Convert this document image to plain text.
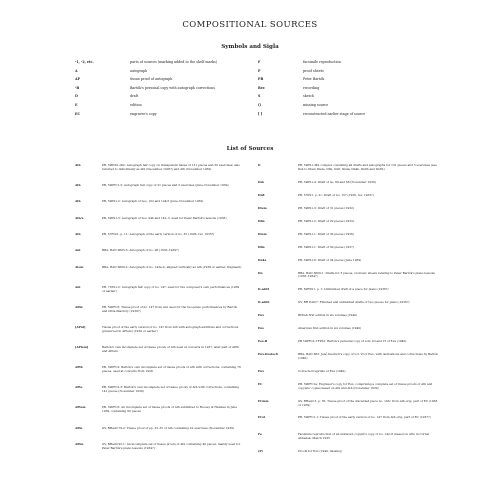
COMPOSITIONAL SOURCES
Symbols and Sigla
-1, -2, etc.	parts of sources (marking added to the shelf marks)
A	autograph
AP	tissue proof of autograph
-B	Bartók's personal copy with autograph corrections
D	draft
E	edition
EC	engraver's copy
F	facsimile reproduction
P	proof sheets
PB	Peter Bartók
Rec	recording
S	sketch
()	missing source
[ ]	reconstructed earlier stage of source
List of Sources
Ath	PB, 59PID1-ID2: Autograph fair copy on transparent tissue of 131 pieces and 30 exercises; also referred to individually as Ath (December 1926?) and Ath (November 1939)
Ath	PB, 59PFC1-3: Autograph fair copy of 21 pieces and 3 exercises (June–November 1939)
Ath	PB, 59PS1-2: Autograph of nos. 102 and 124/3 (June–November 1939)
Ath/a	PB, 59PS1-3: Autograph of nos. 94b and 142–3, used for Peter Bartók's lessons (1933)
Ath	PB, 57FID1, p. 1f.: Autograph of the early version of no. 81 (1926, rev. 1933?)
Ant	BBA, BAN 6605-3: Autograph of no. 98 (1935–1939?)
Atom	BBA, BAN 6609-2: Autograph of no. 143a–b, aligned vertically as Ath (1939 or earlier, fragment)
Ant	PB, 71PS1-2: Autograph fair copy of no. 147, used for the composer's own performances (1939 or earlier)
APnt	PB, 59PFC3: Tissue proof of no. 147 from Ant used for the two-piano performances by Bartók and Ditta Pásztory (1939?)
[APnt]	Tissue proof of the early version of no. 147 from Ath with autograph additions and corrections (preserved in APtem) (1939 or earlier)
[APtem]	Bartók's own incomplete set of tissue proofs of Ath used at concerts in 1937, later part of APtb and APtem
APtb	PB, 59PFC2: Bartók's own incomplete set of tissue proofs of Ath with corrections, containing 76 pieces, used at concerts from 1938
APte	PB, 59PFC2-3: Bartók's own incomplete set of tissue proofs of Ath with corrections, containing 141 pieces (November 1939)
APtem	PB, 59PFC3: An incomplete set of tissue proofs of Ath submitted to Boosey & Hawkes in June 1939, containing 60 pieces
APm	GV, BHadd 79-2: Tissue proof of pp. 32–35 of Ath containing 22 exercises (November 1939)
APnu	GV, BHadd 95-1: An incomplete set of tissue proofs of Ath containing 49 pieces, mainly used for Peter Bartók's piano lessons (1934?)
D	PB, 59PS1–MS complex consisting all drafts and autographs for 131 pieces and 5 exercises (see Dsk to Dtem Dlate, Dfin, Dn8, Dn4a, Dn4b, Dn8b and Dn82)
Dsk	PB, 59PS1-4: Draft of no. 69 and 66 (November 1939)
Dn8	PB, 57PS1, p. 2c: Draft of no. 137 (1926, rev. 1933?)
Dtem	PB, 59PS1-3: Draft of 31 pieces (1932)
Dfin	PB, 59PS1-2: Draft of 29 pieces (1933)
Dtem	PB, 59PS1-1: Draft of 30 pieces (1936)
Dfin	PB, 59PS1-1: Draft of 30 pieces (1937)
Dn4a	PB, 59PS1-8: Draft of 34 pieces (June 1939)
Dn	BBA, BAN 6609-1: Drafts for 3 pieces, on music sheets relating to Peter Bartók's piano lessons (1933–1934?)
D-add1	PB, 60FSS1, p. 1: Unfinished draft of a piece for piano (1936?)
D-add2	GV, BH EA6/7: Finished and unfinished drafts of two pieces for piano (1926?)
Eux	British first edition in six volumes (1940)
Eus	American first edition in six volumes (1940)
Ees-B	PB 59PFC2–TFPS1: Bartók's personal copy of vols. III and VI of Eux (1940)
Eux-Dostech	BBA, BAN 682: Jenő Deutsch's copy of vol. VI of Eux, with dedications and corrections by Bartók (1940)
Eux	Corrected reprints of Eux (1940)
EC	PB, 59PFC1a: Engraver's copy for Eux, comprising a complete set of tissue proofs of Ath and copyists' copies based on Ath and Ath (November 1939)
ECmm	GV, BHadd 3, p. 35: Tissue proof of the discarded piece no. 145c from Ath orig. part of EC (1938 or 1939)
ECst	PB, 59PFC1-1: Tissue proof of the early version of no. 147 from Ath orig. part of EC (1937?)
Fa	Facsimile reproduction of an unknown copyist's copy of no. 142–8 (based on Ath) in Corbet Abhedek, March 1935
(P)	Proofs for Eux (1940, missing)
